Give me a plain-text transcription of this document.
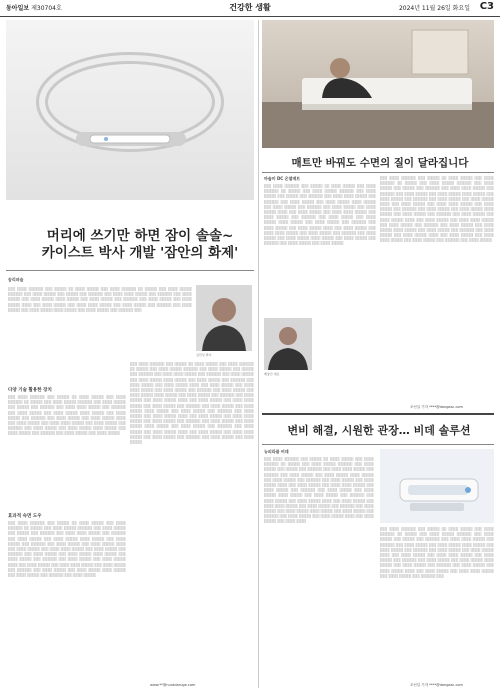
동아일보 제30704호	건강한 생활	2024년 11월 26일 화요일 C3
머리에 쓰기만 하면 잠이 솔솔~
카이스트 박사 개발 '잠안의 화제'
솜리퍼슬
김민성 박사
░░░ ░░░░ ░░░░░░ ░░░ ░░░░░ ░░ ░░░░ ░░░░░ ░░░ ░░░░ ░░░░░░ ░░ ░░░░░ ░░░ ░░░░ ░░░░░ ░░░░░░ ░░░ ░░░░ ░░░░░ ░░░ ░░░░░ ░░░ ░░░░░░ ░░░ ░░░░ ░░░░ ░░░░░ ░░░ ░░░░░░ ░░░ ░░░░ ░░░░░ ░░░ ░░░░ ░░░░░ ░░░░ ░░░░░ ░░░ ░░░░ ░░░░░ ░░░ ░░░░░░ ░░░ ░░░░ ░░░░░ ░░░ ░░░░ ░░░░░ ░░░░ ░░░ ░░░░ ░░░░░ ░░░ ░░░░ ░░░░ ░░░░░ ░░░ ░░░░ ░░░░░ ░░░ ░░░░░░ ░░░ ░░░░ ░░░░░ ░░░ ░░░░ ░░░░░ ░░░░ ░░░░░ ░░░ ░░░░ ░░░░░ ░░░ ░░░░░░ ░░░
다양 기술 활용한 장치
░░░ ░░░░ ░░░░░░ ░░░ ░░░░░ ░░ ░░░░ ░░░░░ ░░░ ░░░░ ░░░░░░ ░░ ░░░░░ ░░░ ░░░░ ░░░░░ ░░░░░░ ░░░ ░░░░ ░░░░░ ░░░ ░░░░░ ░░░ ░░░░░░ ░░░ ░░░░ ░░░░ ░░░░░ ░░░ ░░░░░░ ░░░ ░░░░ ░░░░░ ░░░ ░░░░ ░░░░░ ░░░░ ░░░░░ ░░░ ░░░░ ░░░░░ ░░░ ░░░░░░ ░░░ ░░░░ ░░░░░ ░░░ ░░░░ ░░░░░ ░░░░ ░░░ ░░░░ ░░░░░ ░░░ ░░░░ ░░░░ ░░░░░ ░░░ ░░░░ ░░░░░ ░░░ ░░░░░░ ░░░ ░░░░ ░░░░░ ░░░ ░░░░ ░░░░░ ░░░░ ░░░░░ ░░░ ░░░░ ░░░░░ ░░░ ░░░░░░ ░░░ ░░░░ ░░░░░ ░░░ ░░░░ ░░░░░
효과적 숙면 도우
░░░ ░░░░ ░░░░░░ ░░░ ░░░░░ ░░ ░░░░ ░░░░░ ░░░ ░░░░ ░░░░░░ ░░ ░░░░░ ░░░ ░░░░ ░░░░░ ░░░░░░ ░░░ ░░░░ ░░░░░ ░░░ ░░░░░ ░░░ ░░░░░░ ░░░ ░░░░ ░░░░ ░░░░░ ░░░ ░░░░░░ ░░░ ░░░░ ░░░░░ ░░░ ░░░░ ░░░░░ ░░░░ ░░░░░ ░░░ ░░░░ ░░░░░ ░░░ ░░░░░░ ░░░ ░░░░ ░░░░░ ░░░ ░░░░ ░░░░░ ░░░░ ░░░ ░░░░ ░░░░░ ░░░ ░░░░ ░░░░ ░░░░░ ░░░ ░░░░ ░░░░░ ░░░ ░░░░░░ ░░░ ░░░░ ░░░░░ ░░░ ░░░░ ░░░░░ ░░░░ ░░░░░ ░░░ ░░░░ ░░░░░ ░░░ ░░░░░░ ░░░ ░░░░ ░░░░░ ░░░ ░░░░ ░░░░░ ░░░░ ░░░ ░░░░ ░░░░░ ░░░ ░░░░ ░░░░ ░░░░░ ░░░ ░░░░ ░░░░░ ░░░ ░░░░░░ ░░░ ░░░░ ░░░░░ ░░░ ░░░░ ░░░░░ ░░░░ ░░░░░ ░░░ ░░░░ ░░░░░ ░░░ ░░░░░░ ░░░ ░░░░ ░░░░░
░░░ ░░░░ ░░░░░░ ░░░ ░░░░░ ░░ ░░░░ ░░░░░ ░░░ ░░░░ ░░░░░░ ░░ ░░░░░ ░░░ ░░░░ ░░░░░ ░░░░░░ ░░░ ░░░░ ░░░░░ ░░░ ░░░░░ ░░░ ░░░░░░ ░░░ ░░░░ ░░░░ ░░░░░ ░░░ ░░░░░░ ░░░ ░░░░ ░░░░░ ░░░ ░░░░ ░░░░░ ░░░░ ░░░░░ ░░░ ░░░░ ░░░░░ ░░░ ░░░░░░ ░░░ ░░░░ ░░░░░ ░░░ ░░░░ ░░░░░ ░░░░ ░░░ ░░░░ ░░░░░ ░░░ ░░░░ ░░░░ ░░░░░ ░░░ ░░░░ ░░░░░ ░░░ ░░░░░░ ░░░ ░░░░ ░░░░░ ░░░ ░░░░ ░░░░░ ░░░░ ░░░░░ ░░░ ░░░░ ░░░░░ ░░░ ░░░░░░ ░░░ ░░░░ ░░░░░ ░░░ ░░░░ ░░░░░ ░░░░ ░░░ ░░░░ ░░░░░ ░░░ ░░░░ ░░░░ ░░░░░ ░░░ ░░░░ ░░░░░ ░░░ ░░░░░░ ░░░ ░░░░ ░░░░░ ░░░ ░░░░ ░░░░░ ░░░░ ░░░░░ ░░░ ░░░░ ░░░░░ ░░░ ░░░░░░ ░░░ ░░░░ ░░░░░ ░░░ ░░░░ ░░░░░ ░░░░ ░░░ ░░░░ ░░░░░ ░░░ ░░░░ ░░░░ ░░░░░ ░░░ ░░░░ ░░░░░ ░░░ ░░░░░░ ░░░ ░░░░ ░░░░░ ░░░ ░░░░ ░░░░░ ░░░░ ░░░░░ ░░░ ░░░░ ░░░░░ ░░░ ░░░░░░ ░░░ ░░░░ ░░░░░ ░░░ ░░░░ ░░░░░ ░░░░ ░░░ ░░░░ ░░░░░ ░░░ ░░░░ ░░░░ ░░░░░ ░░░ ░░░░ ░░░░░ ░░░ ░░░░░░ ░░░ ░░░░ ░░░░░ ░░░ ░░░░ ░░░░░
www.**@nuradaruge.com
매트만 바꿔도 수면의 질이 달라집니다
마술미 DC 온열매트
░░░ ░░░░ ░░░░░░ ░░░ ░░░░░ ░░ ░░░░ ░░░░░ ░░░ ░░░░ ░░░░░░ ░░ ░░░░░ ░░░ ░░░░ ░░░░░ ░░░░░░ ░░░ ░░░░ ░░░░░ ░░░ ░░░░░ ░░░ ░░░░░░ ░░░ ░░░░ ░░░░ ░░░░░ ░░░ ░░░░░░ ░░░ ░░░░ ░░░░░ ░░░ ░░░░ ░░░░░ ░░░░ ░░░░░ ░░░ ░░░░ ░░░░░ ░░░ ░░░░░░ ░░░ ░░░░ ░░░░░ ░░░ ░░░░ ░░░░░ ░░░░ ░░░ ░░░░ ░░░░░ ░░░ ░░░░ ░░░░ ░░░░░ ░░░ ░░░░ ░░░░░ ░░░ ░░░░░░ ░░░ ░░░░ ░░░░░ ░░░ ░░░░ ░░░░░ ░░░░ ░░░░░ ░░░ ░░░░ ░░░░░ ░░░ ░░░░░░ ░░░ ░░░░ ░░░░░ ░░░ ░░░░ ░░░░░ ░░░░ ░░░ ░░░░ ░░░░░ ░░░ ░░░░ ░░░░ ░░░░░ ░░░ ░░░░ ░░░░░ ░░░ ░░░░░░ ░░░ ░░░░ ░░░░░ ░░░ ░░░░ ░░░░░ ░░░░ ░░░░░ ░░░ ░░░░ ░░░░░ ░░░ ░░░░░░ ░░░ ░░░░ ░░░░░ ░░░ ░░░░ ░░░░░
배창진 대표
░░░ ░░░░ ░░░░░░ ░░░ ░░░░░ ░░ ░░░░ ░░░░░ ░░░ ░░░░ ░░░░░░ ░░ ░░░░░ ░░░ ░░░░ ░░░░░ ░░░░░░ ░░░ ░░░░ ░░░░░ ░░░ ░░░░░ ░░░ ░░░░░░ ░░░ ░░░░ ░░░░ ░░░░░ ░░░ ░░░░░░ ░░░ ░░░░ ░░░░░ ░░░ ░░░░ ░░░░░ ░░░░ ░░░░░ ░░░ ░░░░ ░░░░░ ░░░ ░░░░░░ ░░░ ░░░░ ░░░░░ ░░░ ░░░░ ░░░░░ ░░░░ ░░░ ░░░░ ░░░░░ ░░░ ░░░░ ░░░░ ░░░░░ ░░░ ░░░░ ░░░░░ ░░░ ░░░░░░ ░░░ ░░░░ ░░░░░ ░░░ ░░░░ ░░░░░ ░░░░ ░░░░░ ░░░ ░░░░ ░░░░░ ░░░ ░░░░░░ ░░░ ░░░░ ░░░░░ ░░░ ░░░░ ░░░░░ ░░░░ ░░░ ░░░░ ░░░░░ ░░░ ░░░░ ░░░░ ░░░░░ ░░░ ░░░░ ░░░░░ ░░░ ░░░░░░ ░░░ ░░░░ ░░░░░ ░░░ ░░░░ ░░░░░ ░░░░ ░░░░░ ░░░ ░░░░ ░░░░░ ░░░ ░░░░░░ ░░░ ░░░░ ░░░░░ ░░░ ░░░░ ░░░░░ ░░░░ ░░░ ░░░░ ░░░░░ ░░░ ░░░░ ░░░░ ░░░░░ ░░░ ░░░░ ░░░░░ ░░░ ░░░░░░ ░░░ ░░░░ ░░░░░
조선일 기자 ****@dongasc.com
변비 해결, 시원한 관장… 비데 솔루션
뉴피라클 비데
░░░ ░░░░ ░░░░░░ ░░░ ░░░░░ ░░ ░░░░ ░░░░░ ░░░ ░░░░ ░░░░░░ ░░ ░░░░░ ░░░ ░░░░ ░░░░░ ░░░░░░ ░░░ ░░░░ ░░░░░ ░░░ ░░░░░ ░░░ ░░░░░░ ░░░ ░░░░ ░░░░ ░░░░░ ░░░ ░░░░░░ ░░░ ░░░░ ░░░░░ ░░░ ░░░░ ░░░░░ ░░░░ ░░░░░ ░░░ ░░░░ ░░░░░ ░░░ ░░░░░░ ░░░ ░░░░ ░░░░░ ░░░ ░░░░ ░░░░░ ░░░░ ░░░ ░░░░ ░░░░░ ░░░ ░░░░ ░░░░ ░░░░░ ░░░ ░░░░ ░░░░░ ░░░ ░░░░░░ ░░░ ░░░░ ░░░░░ ░░░ ░░░░ ░░░░░ ░░░░ ░░░░░ ░░░ ░░░░ ░░░░░ ░░░ ░░░░░░ ░░░ ░░░░ ░░░░░ ░░░ ░░░░ ░░░░░ ░░░░ ░░░ ░░░░ ░░░░░ ░░░ ░░░░ ░░░░ ░░░░░ ░░░ ░░░░ ░░░░░ ░░░ ░░░░░░ ░░░ ░░░░ ░░░░░ ░░░ ░░░░ ░░░░░ ░░░░ ░░░░░ ░░░ ░░░░ ░░░░░ ░░░ ░░░░░░ ░░░ ░░░░ ░░░░░ ░░░ ░░░░ ░░░░░ ░░░░ ░░░ ░░░░ ░░░░░ ░░░ ░░░░ ░░░░
░░░ ░░░░ ░░░░░░ ░░░ ░░░░░ ░░ ░░░░ ░░░░░ ░░░ ░░░░ ░░░░░░ ░░ ░░░░░ ░░░ ░░░░ ░░░░░ ░░░░░░ ░░░ ░░░░ ░░░░░ ░░░ ░░░░░ ░░░ ░░░░░░ ░░░ ░░░░ ░░░░ ░░░░░ ░░░ ░░░░░░ ░░░ ░░░░ ░░░░░ ░░░ ░░░░ ░░░░░ ░░░░ ░░░░░ ░░░ ░░░░ ░░░░░ ░░░ ░░░░░░ ░░░ ░░░░ ░░░░░ ░░░ ░░░░ ░░░░░ ░░░░ ░░░ ░░░░ ░░░░░ ░░░ ░░░░ ░░░░ ░░░░░ ░░░ ░░░░ ░░░░░ ░░░ ░░░░░░ ░░░ ░░░░ ░░░░░ ░░░ ░░░░ ░░░░░ ░░░░ ░░░░░ ░░░ ░░░░ ░░░░░ ░░░ ░░░░░░ ░░░ ░░░░ ░░░░░ ░░░ ░░░░ ░░░░░ ░░░░ ░░░ ░░░░ ░░░░░ ░░░ ░░░░ ░░░░ ░░░░░ ░░░ ░░░░ ░░░░░ ░░░ ░░░░░░ ░░░
조선일 기자 ****@dongasc.com
